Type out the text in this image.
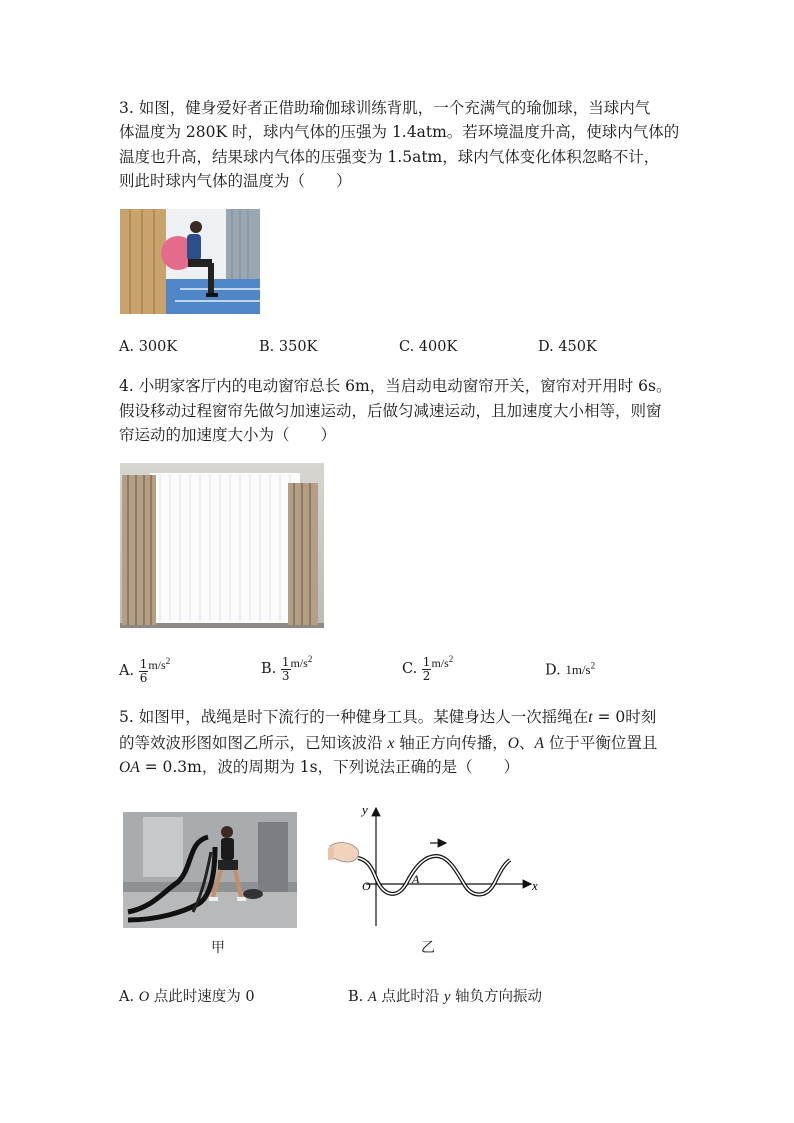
3. 如图，健身爱好者正借助瑜伽球训练背肌，一个充满气的瑜伽球，当球内气
体温度为 280K 时，球内气体的压强为 1.4atm。若环境温度升高，使球内气体的
温度也升高，结果球内气体的压强变为 1.5atm，球内气体变化体积忽略不计，
则此时球内气体的温度为（　　）
A. 300K	B. 350K	C. 400K	D. 450K
4. 小明家客厅内的电动窗帘总长 6m，当启动电动窗帘开关，窗帘对开用时 6s。
假设移动过程窗帘先做匀加速运动，后做匀减速运动，且加速度大小相等，则窗
帘运动的加速度大小为（　　）
A. $\frac{1}{6} ^{m/s^2}$	B. $\frac{1}{3} ^{m/s^2}$
C. $\frac{1}{2} ^{m/s^2}$
D. $1m/s^2$
5. 如图甲，战绳是时下流行的一种健身工具。某健身达人一次摇绳在t = 0时刻
的等效波形图如图乙所示，已知该波沿 x 轴正方向传播，O、A 位于平衡位置且
OA = 0.3m，波的周期为 1s，下列说法正确的是（　　）
甲
y
x
O	A
乙
A. O 点此时速度为 0	B. A 点此时沿 y 轴负方向振动
